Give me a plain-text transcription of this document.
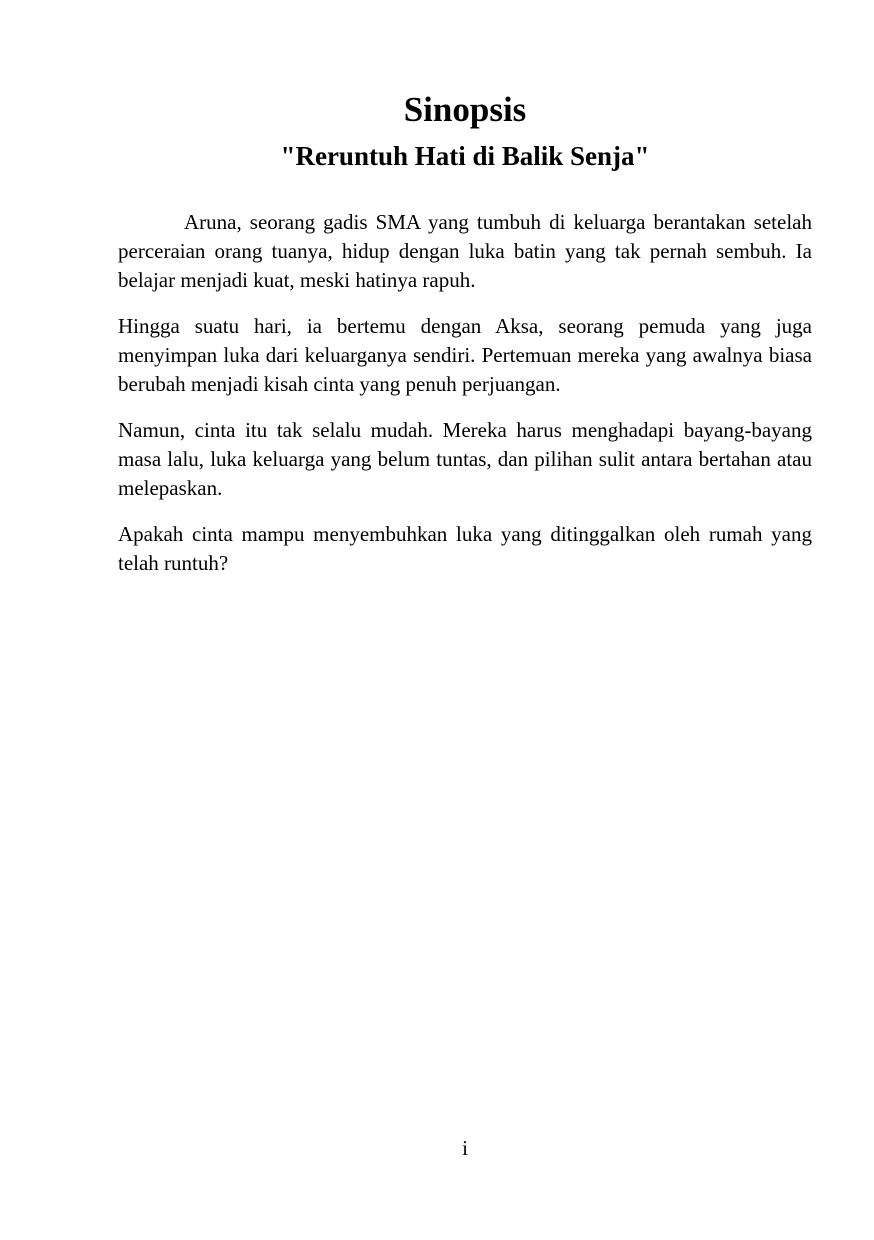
Sinopsis
"Reruntuh Hati di Balik Senja"

Aruna, seorang gadis SMA yang tumbuh di keluarga berantakan setelah perceraian orang tuanya, hidup dengan luka batin yang tak pernah sembuh. Ia belajar menjadi kuat, meski hatinya rapuh.

Hingga suatu hari, ia bertemu dengan Aksa, seorang pemuda yang juga menyimpan luka dari keluarganya sendiri. Pertemuan mereka yang awalnya biasa berubah menjadi kisah cinta yang penuh perjuangan.

Namun, cinta itu tak selalu mudah. Mereka harus menghadapi bayang-bayang masa lalu, luka keluarga yang belum tuntas, dan pilihan sulit antara bertahan atau melepaskan.

Apakah cinta mampu menyembuhkan luka yang ditinggalkan oleh rumah yang telah runtuh?

i
